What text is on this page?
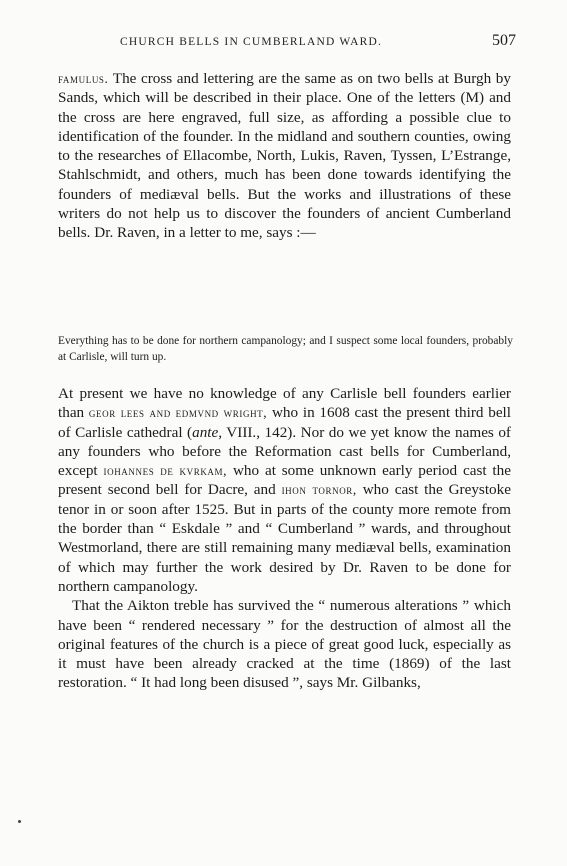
CHURCH BELLS IN CUMBERLAND WARD.	507

famulus. The cross and lettering are the same as on two bells at Burgh by Sands, which will be described in their place. One of the letters (M) and the cross are here engraved, full size, as affording a possible clue to identification of the founder. In the midland and southern counties, owing to the researches of Ellacombe, North, Lukis, Raven, Tyssen, L’Estrange, Stahlschmidt, and others, much has been done towards identifying the founders of mediæval bells. But the works and illustrations of these writers do not help us to discover the founders of ancient Cumberland bells. Dr. Raven, in a letter to me, says :—

Everything has to be done for northern campanology; and I suspect some local founders, probably at Carlisle, will turn up.

At present we have no knowledge of any Carlisle bell founders earlier than geor lees and edmvnd wright, who in 1608 cast the present third bell of Carlisle cathedral (ante, VIII., 142). Nor do we yet know the names of any founders who before the Reformation cast bells for Cumberland, except iohannes de kvrkam, who at some unknown early period cast the present second bell for Dacre, and ihon tornor, who cast the Greystoke tenor in or soon after 1525. But in parts of the county more remote from the border than “ Eskdale ” and “ Cumberland ” wards, and throughout Westmorland, there are still remaining many mediæval bells, examination of which may further the work desired by Dr. Raven to be done for northern campanology.

That the Aikton treble has survived the “ numerous alterations ” which have been “ rendered necessary ” for the destruction of almost all the original features of the church is a piece of great good luck, especially as it must have been already cracked at the time (1869) of the last restoration. “ It had long been disused ”, says Mr. Gilbanks,
